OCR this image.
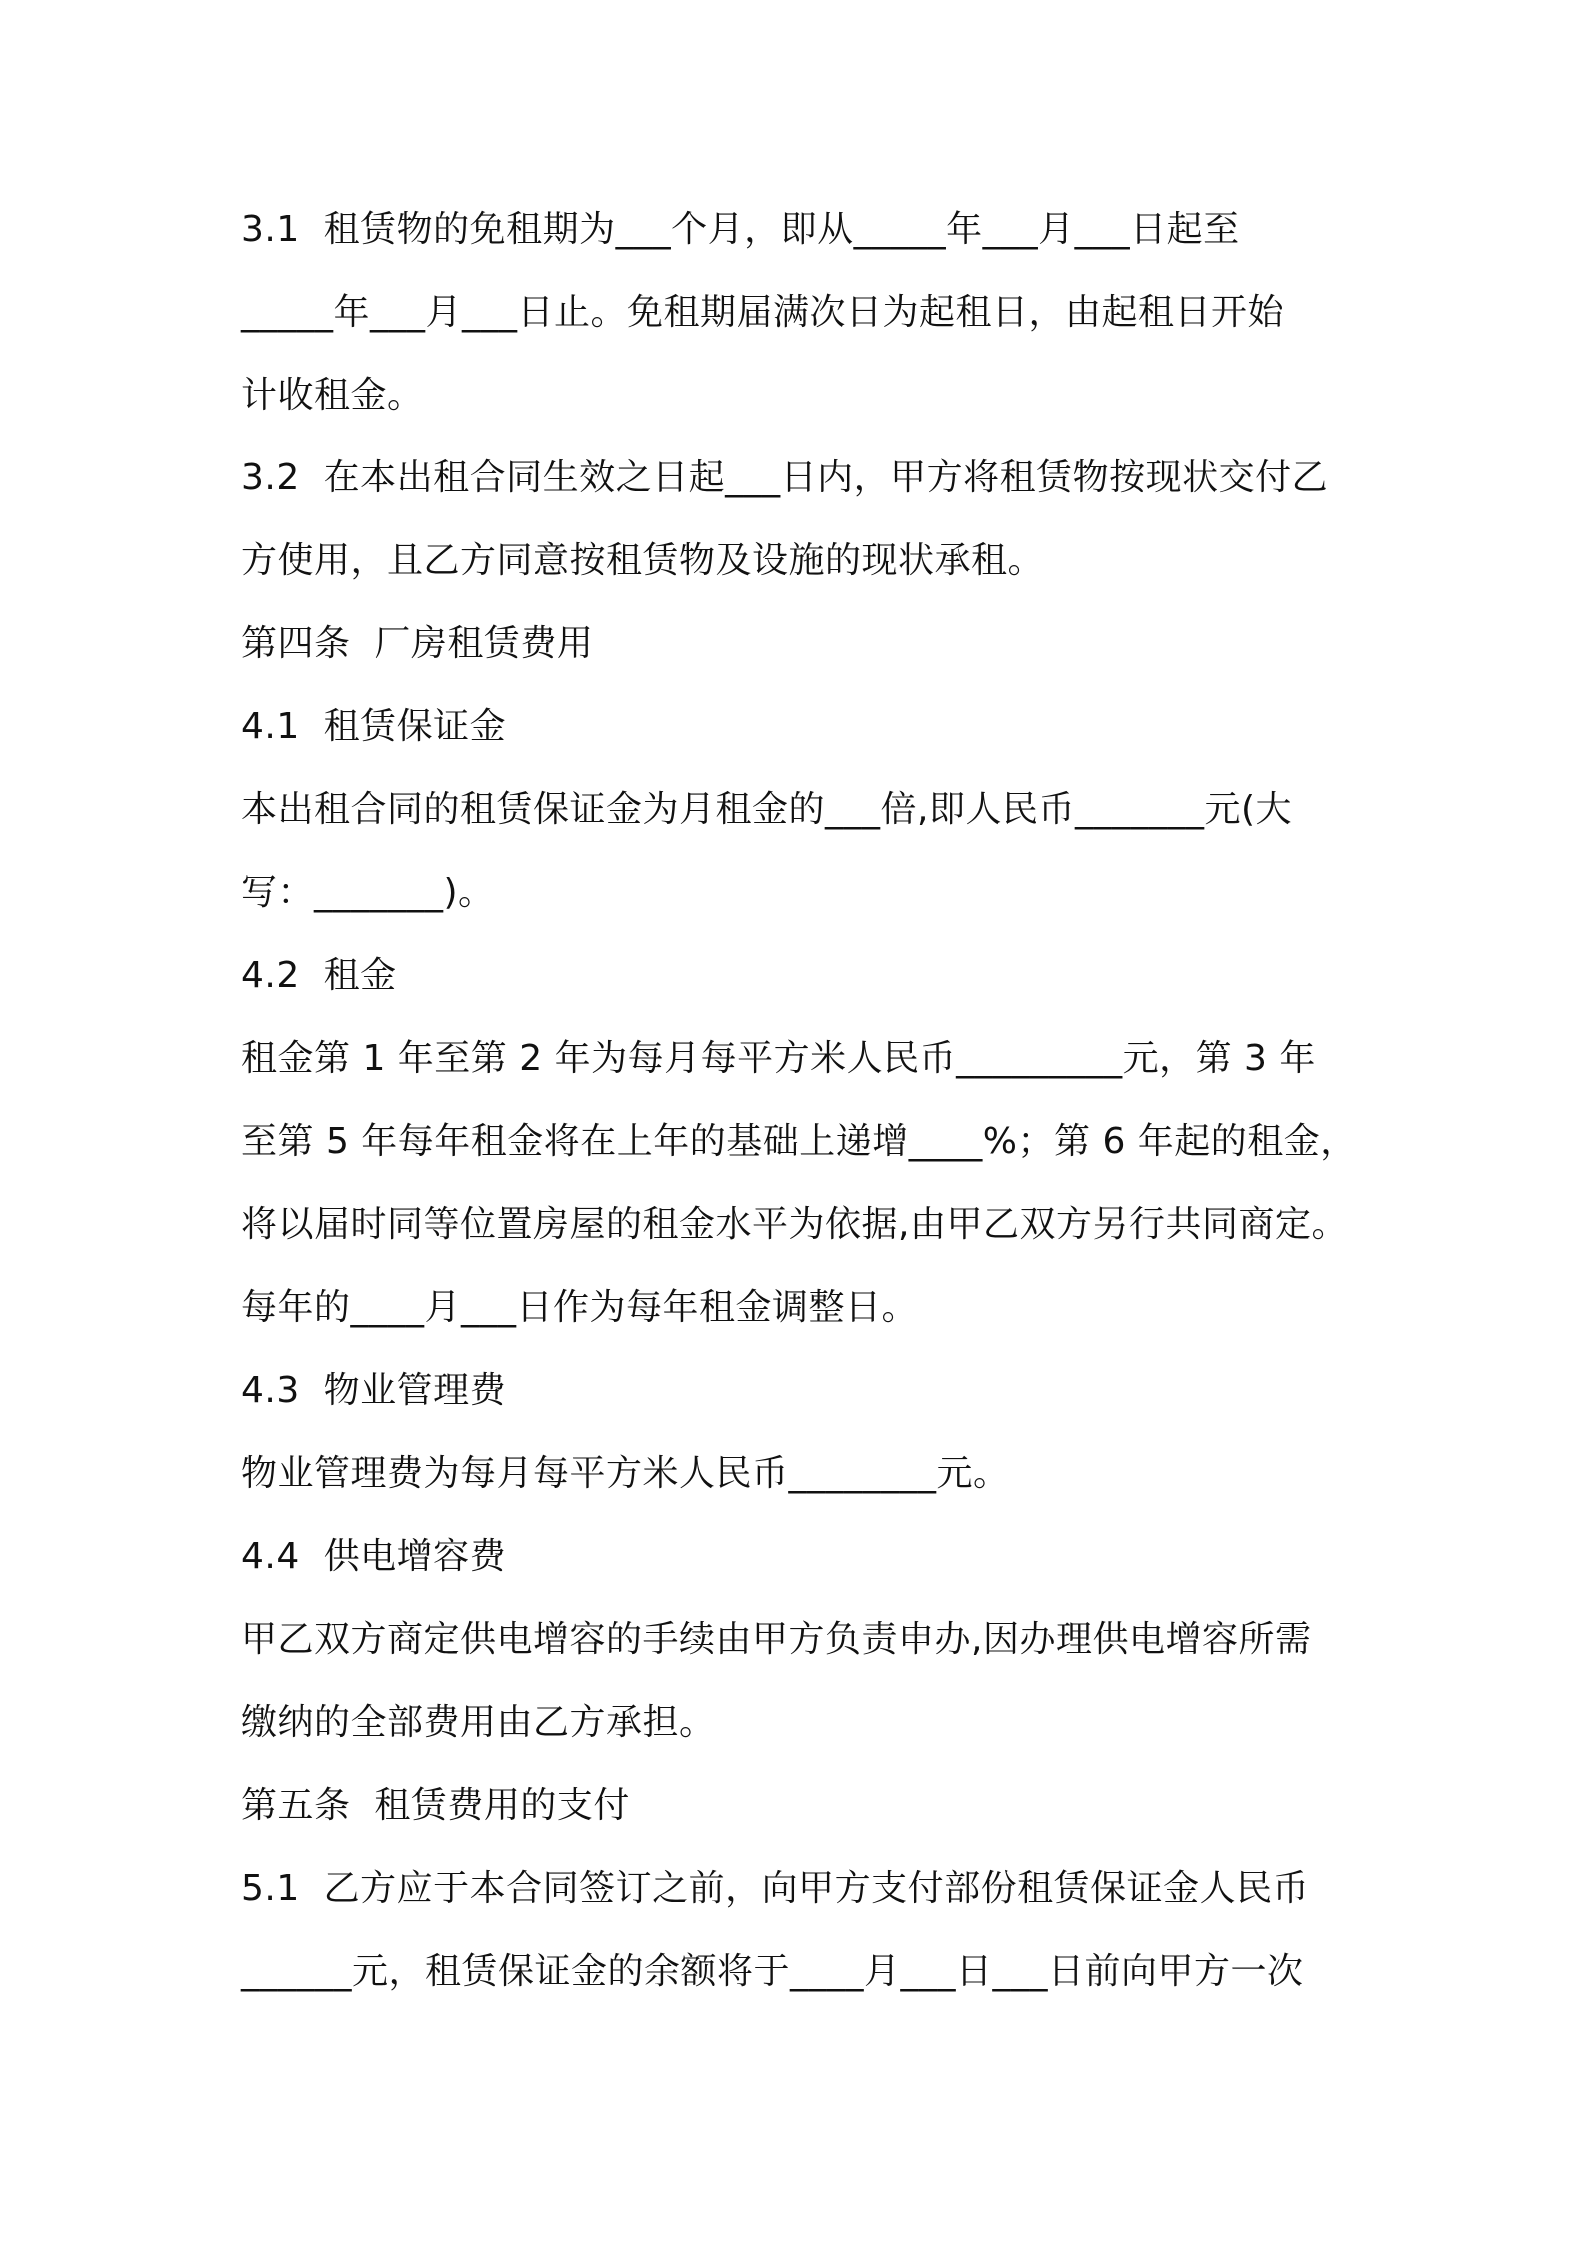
3.1  租赁物的免租期为___个月，即从_____年___月___日起至
_____年___月___日止。免租期届满次日为起租日，由起租日开始
计收租金。
3.2  在本出租合同生效之日起___日内，甲方将租赁物按现状交付乙
方使用，且乙方同意按租赁物及设施的现状承租。
第四条  厂房租赁费用
4.1  租赁保证金
本出租合同的租赁保证金为月租金的___倍,即人民币_______元(大
写：_______)。
4.2  租金
租金第 1 年至第 2 年为每月每平方米人民币_________元，第 3 年
至第 5 年每年租金将在上年的基础上递增____%；第 6 年起的租金，
将以届时同等位置房屋的租金水平为依据,由甲乙双方另行共同商定。
每年的____月___日作为每年租金调整日。
4.3  物业管理费
物业管理费为每月每平方米人民币________元。
4.4  供电增容费
甲乙双方商定供电增容的手续由甲方负责申办,因办理供电增容所需
缴纳的全部费用由乙方承担。
第五条  租赁费用的支付
5.1  乙方应于本合同签订之前，向甲方支付部份租赁保证金人民币
______元，租赁保证金的余额将于____月___日___日前向甲方一次
